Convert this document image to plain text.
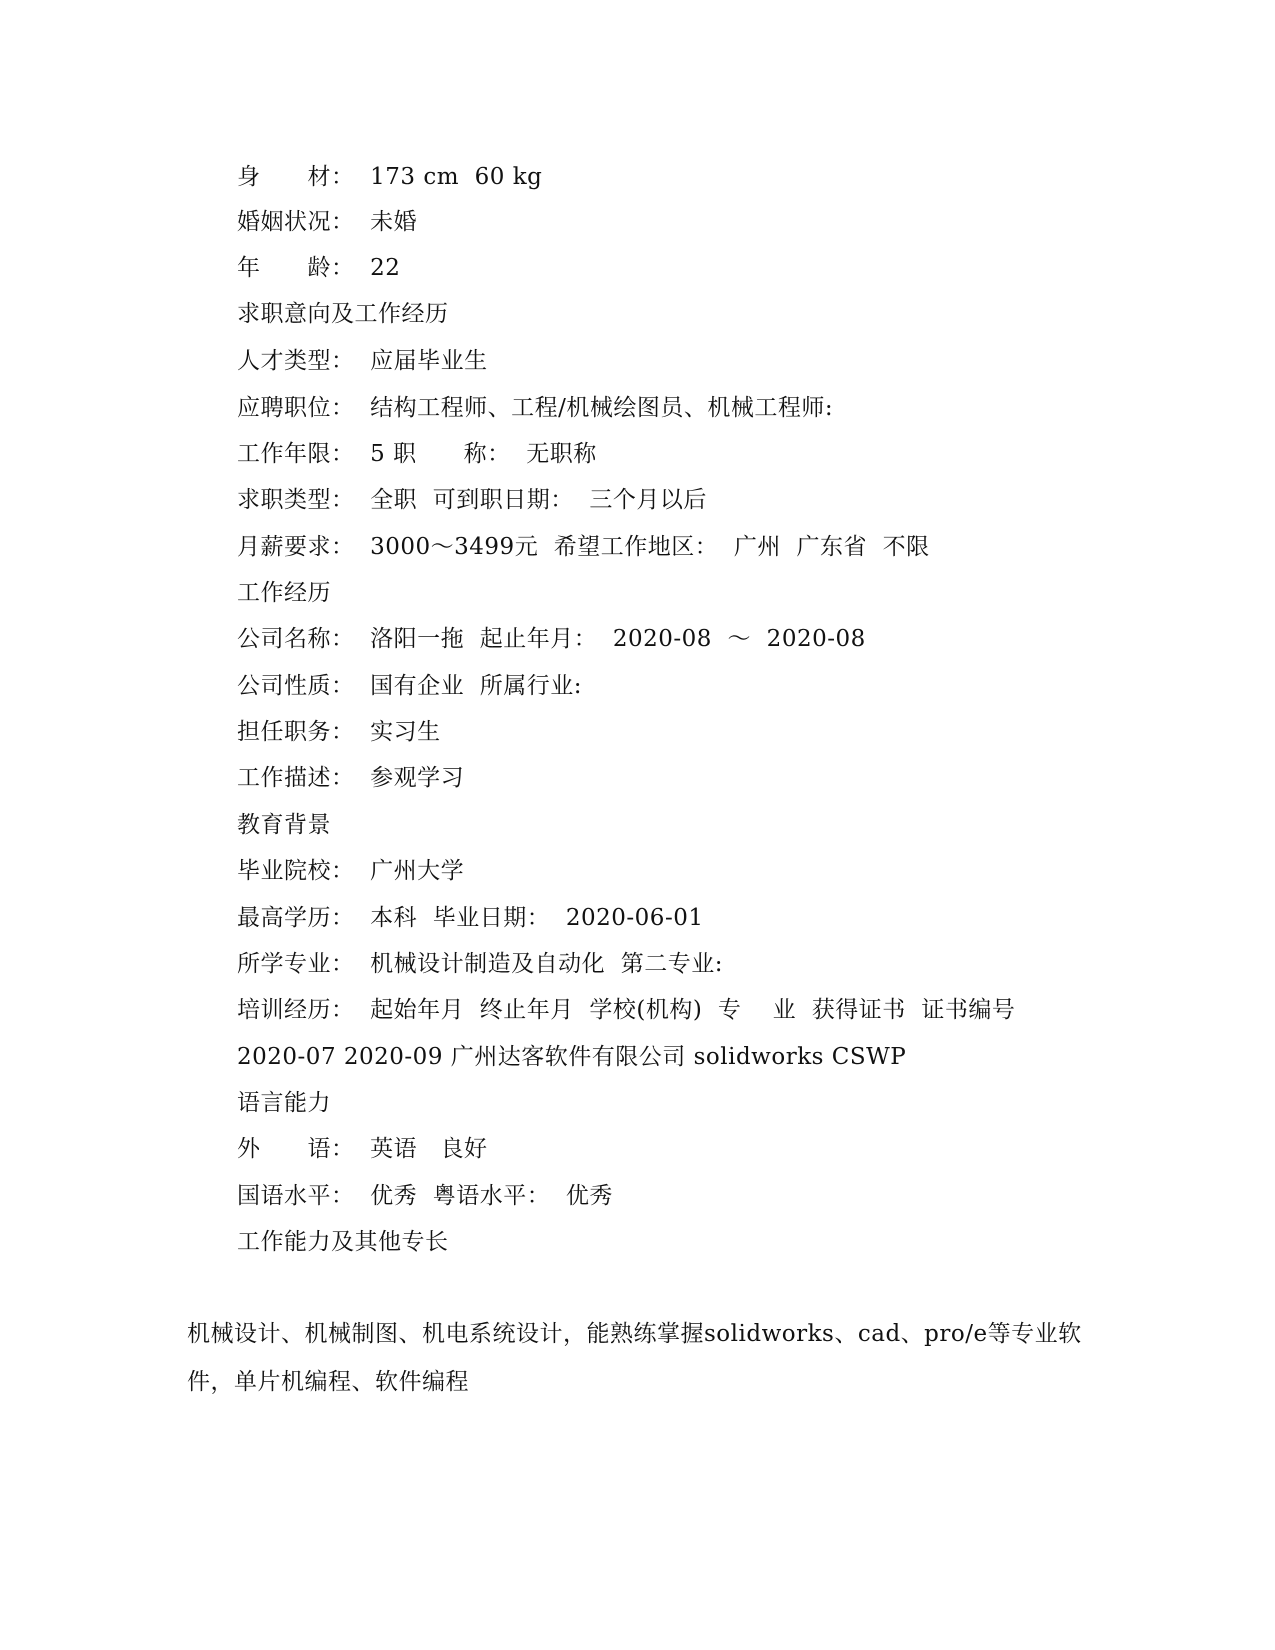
身　　材：  173 cm  60 kg
婚姻状况：  未婚
年　　龄：  22
求职意向及工作经历
人才类型：  应届毕业生
应聘职位：  结构工程师、工程/机械绘图员、机械工程师:
工作年限：  5 职　　称：  无职称
求职类型：  全职  可到职日期：  三个月以后
月薪要求：  3000～3499元  希望工作地区：  广州  广东省  不限
工作经历
公司名称：  洛阳一拖  起止年月：  2020-08  ～  2020-08
公司性质：  国有企业  所属行业:
担任职务：  实习生
工作描述：  参观学习
教育背景
毕业院校：  广州大学
最高学历：  本科  毕业日期：  2020-06-01
所学专业：  机械设计制造及自动化  第二专业:
培训经历：  起始年月  终止年月  学校(机构)  专    业  获得证书  证书编号
2020-07 2020-09 广州达客软件有限公司 solidworks CSWP
语言能力
外　　语：  英语   良好
国语水平：  优秀  粤语水平：  优秀
工作能力及其他专长
机械设计、机械制图、机电系统设计，能熟练掌握solidworks、cad、pro/e等专业软件，单片机编程、软件编程
